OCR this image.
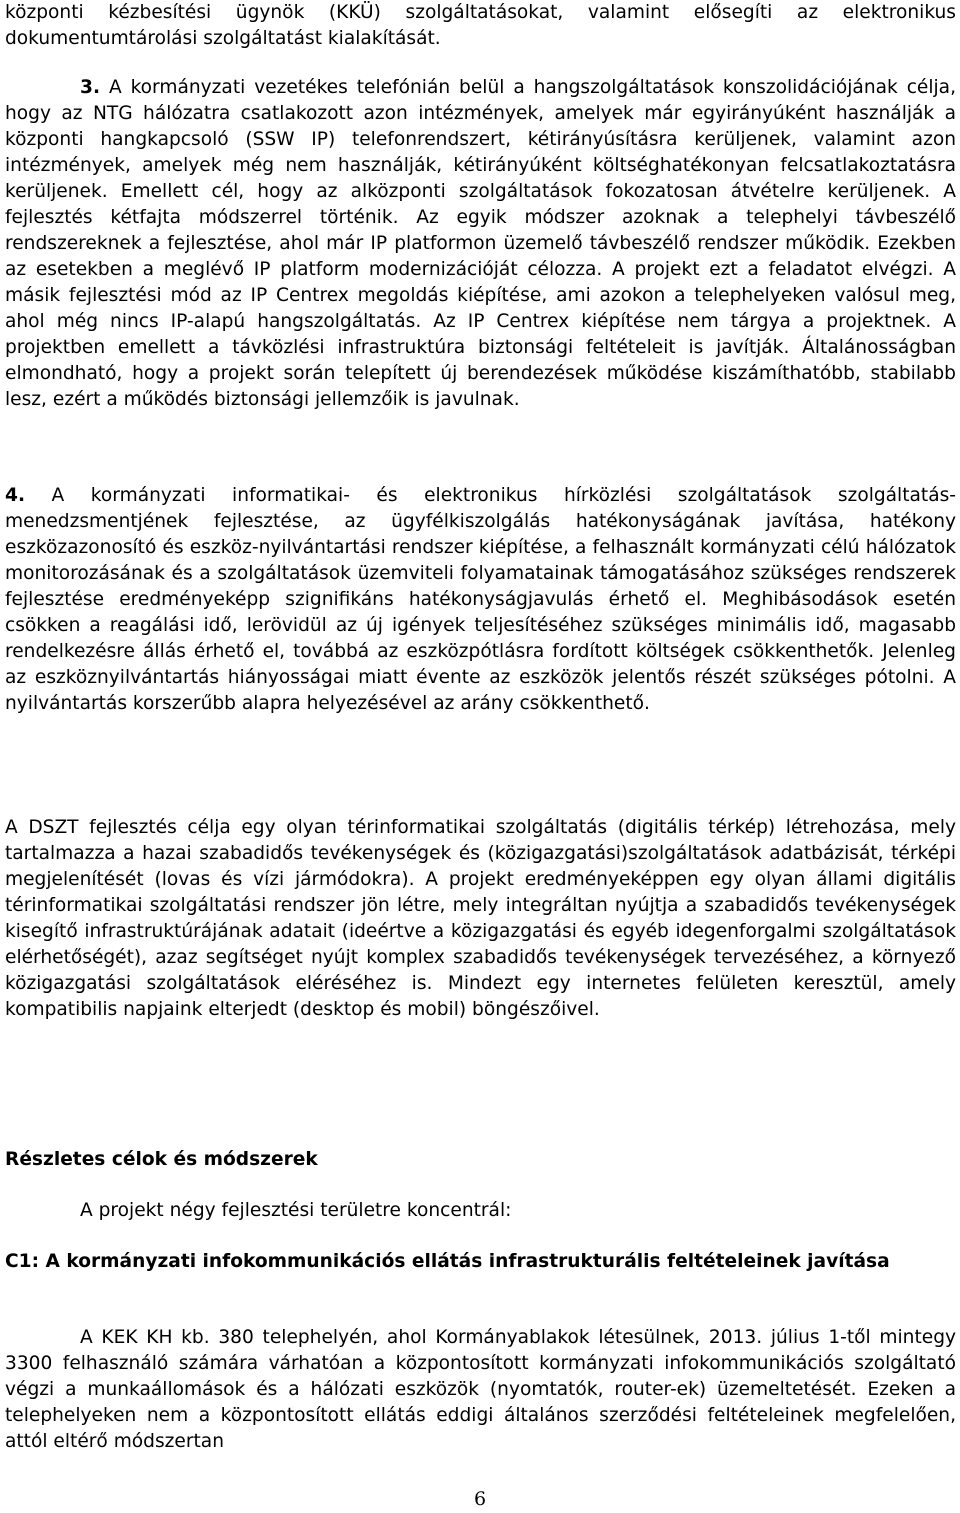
központi kézbesítési ügynök (KKÜ) szolgáltatásokat, valamint elősegíti az elektronikus dokumentumtárolási szolgáltatást kialakítását.

3. A kormányzati vezetékes telefónián belül a hangszolgáltatások konszolidációjának célja, hogy az NTG hálózatra csatlakozott azon intézmények, amelyek már egyirányúként használják a központi hangkapcsoló (SSW IP) telefonrendszert, kétirányúsításra kerüljenek, valamint azon intézmények, amelyek még nem használják, kétirányúként költséghatékonyan felcsatlakoztatásra kerüljenek. Emellett cél, hogy az alközponti szolgáltatások fokozatosan átvételre kerüljenek. A fejlesztés kétfajta módszerrel történik. Az egyik módszer azoknak a telephelyi távbeszélő rendszereknek a fejlesztése, ahol már IP platformon üzemelő távbeszélő rendszer működik. Ezekben az esetekben a meglévő IP platform modernizációját célozza. A projekt ezt a feladatot elvégzi. A másik fejlesztési mód az IP Centrex megoldás kiépítése, ami azokon a telephelyeken valósul meg, ahol még nincs IP-alapú hangszolgáltatás. Az IP Centrex kiépítése nem tárgya a projektnek. A projektben emellett a távközlési infrastruktúra biztonsági feltételeit is javítják. Általánosságban elmondható, hogy a projekt során telepített új berendezések működése kiszámíthatóbb, stabilabb lesz, ezért a működés biztonsági jellemzőik is javulnak.

4. A kormányzati informatikai- és elektronikus hírközlési szolgáltatások szolgáltatás-menedzsmentjének fejlesztése, az ügyfélkiszolgálás hatékonyságának javítása, hatékony eszközazonosító és eszköz-nyilvántartási rendszer kiépítése, a felhasznált kormányzati célú hálózatok monitorozásának és a szolgáltatások üzemviteli folyamatainak támogatásához szükséges rendszerek fejlesztése eredményeképp szignifikáns hatékonyságjavulás érhető el. Meghibásodások esetén csökken a reagálási idő, lerövidül az új igények teljesítéséhez szükséges minimális idő, magasabb rendelkezésre állás érhető el, továbbá az eszközpótlásra fordított költségek csökkenthetők. Jelenleg az eszköznyilvántartás hiányosságai miatt évente az eszközök jelentős részét szükséges pótolni. A nyilvántartás korszerűbb alapra helyezésével az arány csökkenthető.

A DSZT fejlesztés célja egy olyan térinformatikai szolgáltatás (digitális térkép) létrehozása, mely tartalmazza a hazai szabadidős tevékenységek és (közigazgatási)szolgáltatások adatbázisát, térképi megjelenítését (lovas és vízi jármódokra). A projekt eredményeképpen egy olyan állami digitális térinformatikai szolgáltatási rendszer jön létre, mely integráltan nyújtja a szabadidős tevékenységek kisegítő infrastruktúrájának adatait (ideértve a közigazgatási és egyéb idegenforgalmi szolgáltatások elérhetőségét), azaz segítséget nyújt komplex szabadidős tevékenységek tervezéséhez, a környező közigazgatási szolgáltatások eléréséhez is. Mindezt egy internetes felületen keresztül, amely kompatibilis napjaink elterjedt (desktop és mobil) böngészőivel.

Részletes célok és módszerek

A projekt négy fejlesztési területre koncentrál:

C1: A kormányzati infokommunikációs ellátás infrastrukturális feltételeinek javítása

A KEK KH kb. 380 telephelyén, ahol Kormányablakok létesülnek, 2013. július 1-től mintegy 3300 felhasználó számára várhatóan a központosított kormányzati infokommunikációs szolgáltató végzi a munkaállomások és a hálózati eszközök (nyomtatók, router-ek) üzemeltetését. Ezeken a telephelyeken nem a központosított ellátás eddigi általános szerződési feltételeinek megfelelően, attól eltérő módszertan

6
